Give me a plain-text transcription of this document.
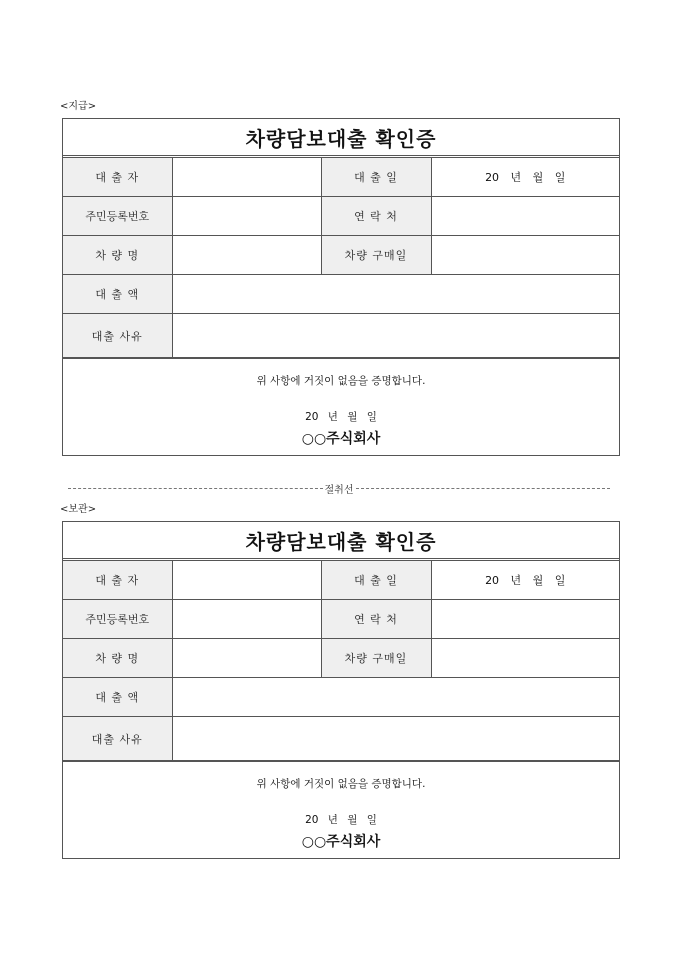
<지급>
차량담보대출 확인증
대 출 자		대 출 일	20 년 월 일
주민등록번호		연 락 처	
차 량 명		차량 구매일	
대 출 액			
대출 사유			
위 사항에 거짓이 없음을 증명합니다.
20 년 월 일
○○주식회사
절취선
<보관>
차량담보대출 확인증
대 출 자		대 출 일	20 년 월 일
주민등록번호		연 락 처	
차 량 명		차량 구매일	
대 출 액			
대출 사유			
위 사항에 거짓이 없음을 증명합니다.
20 년 월 일
○○주식회사
